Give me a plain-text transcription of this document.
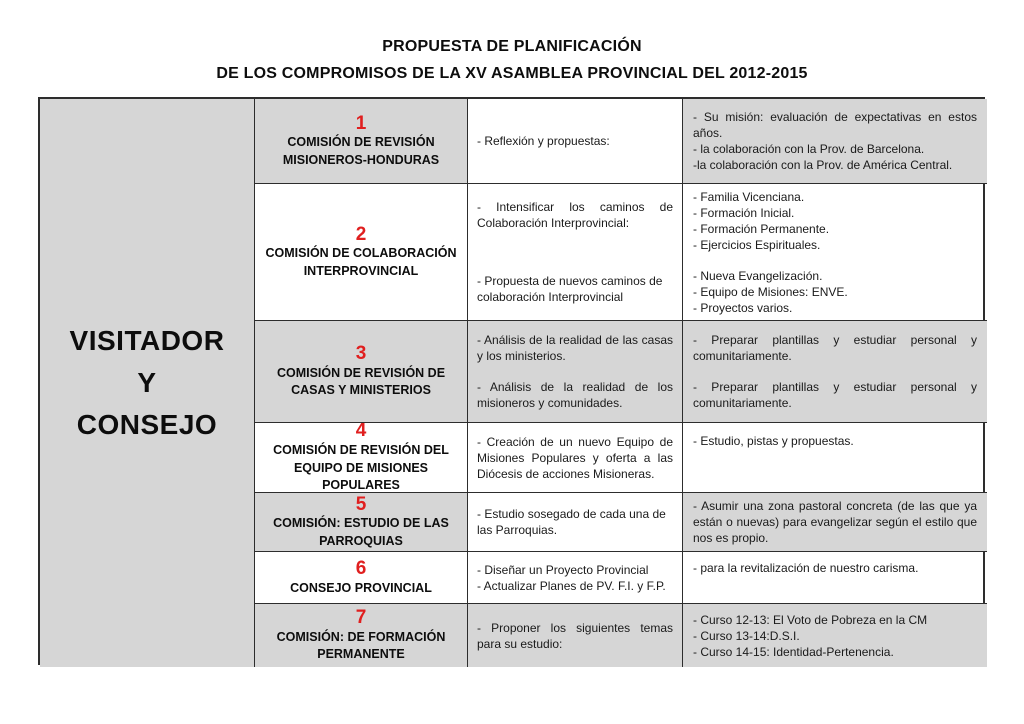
PROPUESTA DE PLANIFICACIÓN
DE LOS COMPROMISOS DE LA XV ASAMBLEA PROVINCIAL DEL 2012-2015
VISITADOR
Y
CONSEJO
1
COMISIÓN DE REVISIÓN MISIONEROS-HONDURAS
- Reflexión y propuestas:
- Su misión: evaluación de expectativas en estos años.
- la colaboración con la Prov. de Barcelona.
-la colaboración con la Prov. de América Central.
2
COMISIÓN DE COLABORACIÓN INTERPROVINCIAL
- Intensificar los caminos de Colaboración Interprovincial:
- Propuesta de nuevos caminos de colaboración Interprovincial
- Familia Vicenciana.
- Formación Inicial.
- Formación Permanente.
- Ejercicios Espirituales.
- Nueva Evangelización.
- Equipo de Misiones: ENVE.
- Proyectos varios.
3
COMISIÓN DE REVISIÓN DE CASAS Y MINISTERIOS
- Análisis de la realidad de las casas y los ministerios.
- Análisis de la realidad de los misioneros y comunidades.
- Preparar plantillas y estudiar personal y comunitariamente.
- Preparar plantillas y estudiar personal y comunitariamente.
4
COMISIÓN DE REVISIÓN DEL EQUIPO DE MISIONES POPULARES
- Creación de un nuevo Equipo de Misiones Populares y oferta a las Diócesis de acciones Misioneras.
- Estudio, pistas y propuestas.
5
COMISIÓN: ESTUDIO DE LAS PARROQUIAS
- Estudio sosegado de cada una de las Parroquias.
- Asumir una zona pastoral concreta (de las que ya están o nuevas) para evangelizar según el estilo que nos es propio.
6
CONSEJO PROVINCIAL
- Diseñar un Proyecto Provincial
- Actualizar Planes de PV. F.I. y F.P.
- para la revitalización de nuestro carisma.
7
COMISIÓN: DE FORMACIÓN PERMANENTE
- Proponer los siguientes temas para su estudio:
- Curso 12-13: El Voto de Pobreza en la CM
- Curso 13-14:D.S.I.
- Curso 14-15: Identidad-Pertenencia.
